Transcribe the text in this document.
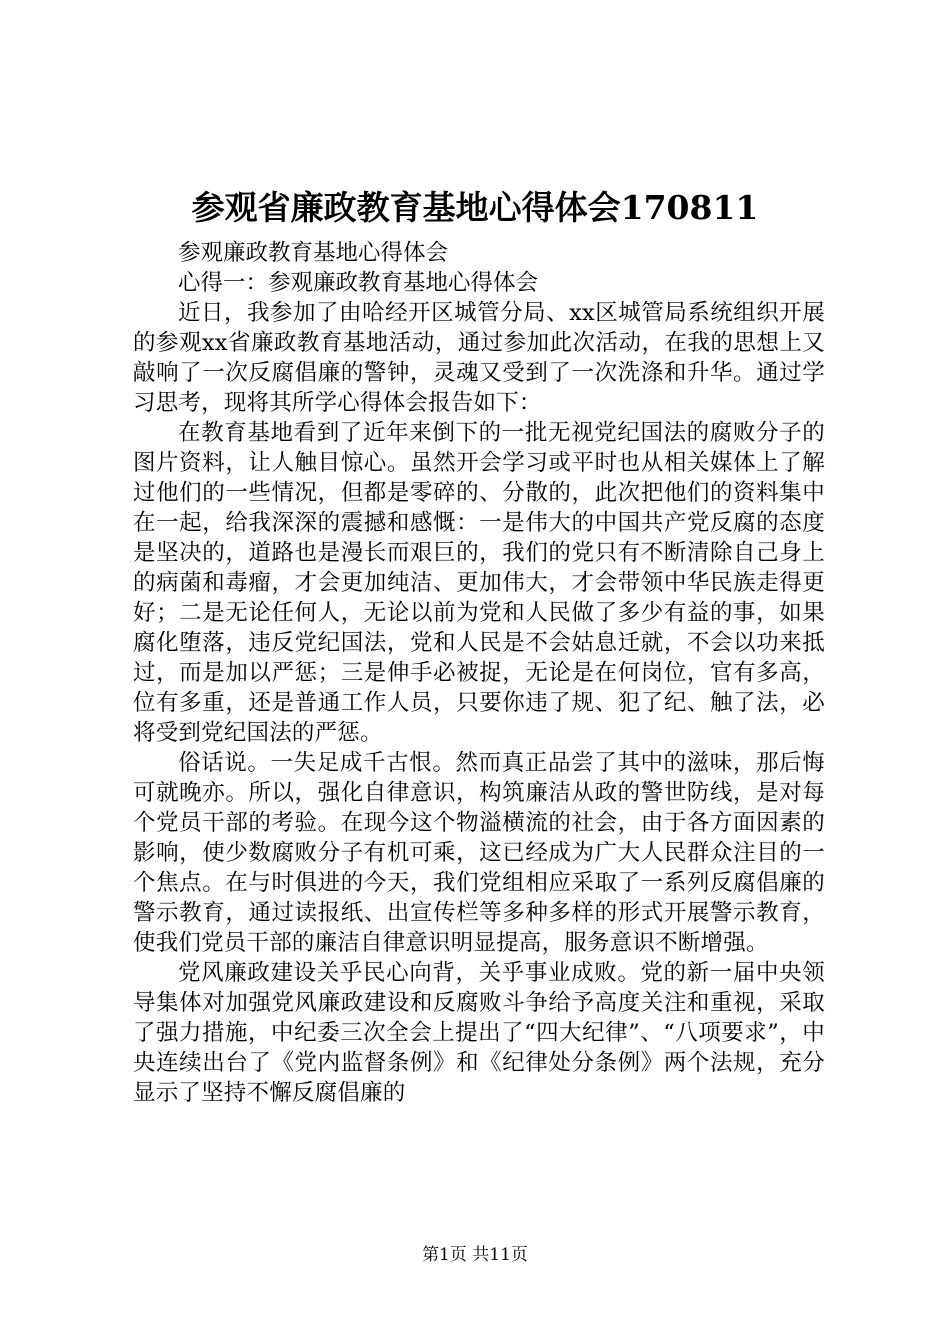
参观省廉政教育基地心得体会170811

参观廉政教育基地心得体会

心得一：参观廉政教育基地心得体会

近日，我参加了由哈经开区城管分局、xx区城管局系统组织开展的参观xx省廉政教育基地活动，通过参加此次活动，在我的思想上又敲响了一次反腐倡廉的警钟，灵魂又受到了一次洗涤和升华。通过学习思考，现将其所学心得体会报告如下：

在教育基地看到了近年来倒下的一批无视党纪国法的腐败分子的图片资料，让人触目惊心。虽然开会学习或平时也从相关媒体上了解过他们的一些情况，但都是零碎的、分散的，此次把他们的资料集中在一起，给我深深的震撼和感慨：一是伟大的中国共产党反腐的态度是坚决的，道路也是漫长而艰巨的，我们的党只有不断清除自己身上的病菌和毒瘤，才会更加纯洁、更加伟大，才会带领中华民族走得更好；二是无论任何人，无论以前为党和人民做了多少有益的事，如果腐化堕落，违反党纪国法，党和人民是不会姑息迁就，不会以功来抵过，而是加以严惩；三是伸手必被捉，无论是在何岗位，官有多高，位有多重，还是普通工作人员，只要你违了规、犯了纪、触了法，必将受到党纪国法的严惩。

俗话说。一失足成千古恨。然而真正品尝了其中的滋味，那后悔可就晚亦。所以，强化自律意识，构筑廉洁从政的警世防线，是对每个党员干部的考验。在现今这个物溢横流的社会，由于各方面因素的影响，使少数腐败分子有机可乘，这已经成为广大人民群众注目的一个焦点。在与时俱进的今天，我们党组相应采取了一系列反腐倡廉的警示教育，通过读报纸、出宣传栏等多种多样的形式开展警示教育，使我们党员干部的廉洁自律意识明显提高，服务意识不断增强。

党风廉政建设关乎民心向背，关乎事业成败。党的新一届中央领导集体对加强党风廉政建设和反腐败斗争给予高度关注和重视，采取了强力措施，中纪委三次全会上提出了“四大纪律”、“八项要求”，中央连续出台了《党内监督条例》和《纪律处分条例》两个法规，充分显示了坚持不懈反腐倡廉的

第1页 共11页
